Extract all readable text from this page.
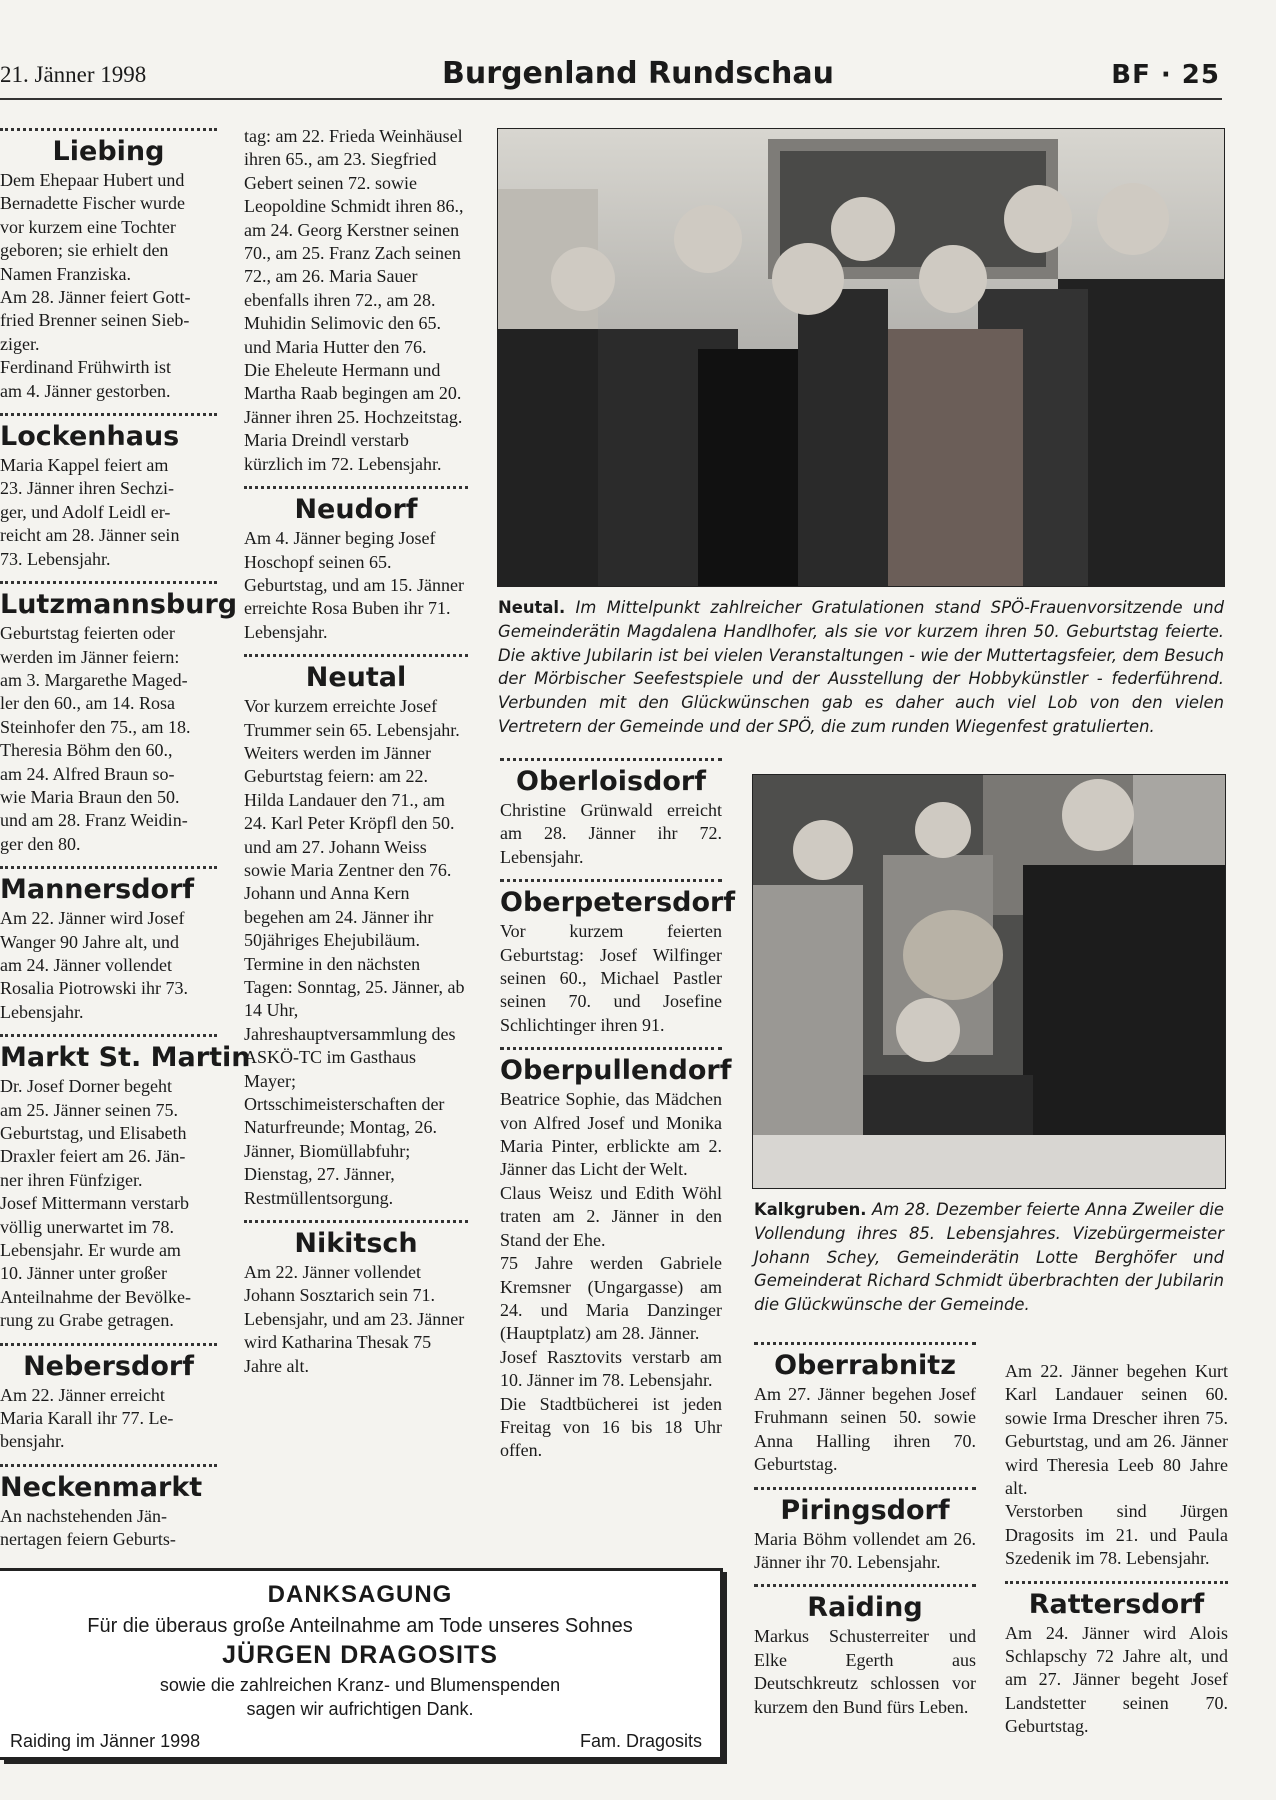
21. Jänner 1998	Burgenland Rundschau	BF · 25
Liebing

Dem Ehepaar Hubert und

Bernadette Fischer wurde

vor kurzem eine Tochter

geboren; sie erhielt den

Namen Franziska.

Am 28. Jänner feiert Gott-

fried Brenner seinen Sieb-

ziger.

Ferdinand Frühwirth ist

am 4. Jänner gestorben.

Lockenhaus

Maria Kappel feiert am

23. Jänner ihren Sechzi-

ger, und Adolf Leidl er-

reicht am 28. Jänner sein

73. Lebensjahr.

Lutzmannsburg

Geburtstag feierten oder

werden im Jänner feiern:

am 3. Margarethe Maged-

ler den 60., am 14. Rosa

Steinhofer den 75., am 18.

Theresia Böhm den 60.,

am 24. Alfred Braun so-

wie Maria Braun den 50.

und am 28. Franz Weidin-

ger den 80.

Mannersdorf

Am 22. Jänner wird Josef

Wanger 90 Jahre alt, und

am 24. Jänner vollendet

Rosalia Piotrowski ihr 73.

Lebensjahr.

Markt St. Martin

Dr. Josef Dorner begeht

am 25. Jänner seinen 75.

Geburtstag, und Elisabeth

Draxler feiert am 26. Jän-

ner ihren Fünfziger.

Josef Mittermann verstarb

völlig unerwartet im 78.

Lebensjahr. Er wurde am

10. Jänner unter großer

Anteilnahme der Bevölke-

rung zu Grabe getragen.

Nebersdorf

Am 22. Jänner erreicht

Maria Karall ihr 77. Le-

bensjahr.

Neckenmarkt

An nachstehenden Jän-

nertagen feiern Geburts-

tag: am 22. Frieda Weinhäusel ihren 65., am 23. Siegfried Gebert seinen 72. sowie Leopoldine Schmidt ihren 86., am 24. Georg Kerstner seinen 70., am 25. Franz Zach seinen 72., am 26. Maria Sauer ebenfalls ihren 72., am 28. Muhidin Selimovic den 65. und Maria Hutter den 76.

Die Eheleute Hermann und Martha Raab begingen am 20. Jänner ihren 25. Hochzeitstag.

Maria Dreindl verstarb kürzlich im 72. Lebensjahr.

Neudorf

Am 4. Jänner beging Josef Hoschopf seinen 65. Geburtstag, und am 15. Jänner erreichte Rosa Buben ihr 71. Lebensjahr.

Neutal

Vor kurzem erreichte Josef Trummer sein 65. Lebensjahr.

Weiters werden im Jänner Geburtstag feiern: am 22. Hilda Landauer den 71., am 24. Karl Peter Kröpfl den 50. und am 27. Johann Weiss sowie Maria Zentner den 76.

Johann und Anna Kern begehen am 24. Jänner ihr 50jähriges Ehejubiläum.

Termine in den nächsten Tagen: Sonntag, 25. Jänner, ab 14 Uhr, Jahreshauptversammlung des ASKÖ-TC im Gasthaus Mayer; Ortsschimeisterschaften der Naturfreunde; Montag, 26. Jänner, Biomüllabfuhr; Dienstag, 27. Jänner, Restmüllentsorgung.

Nikitsch

Am 22. Jänner vollendet Johann Sosztarich sein 71. Lebensjahr, und am 23. Jänner wird Katharina Thesak 75 Jahre alt.

Neutal. Im Mittelpunkt zahlreicher Gratulationen stand SPÖ-Frauenvorsitzende und Gemeinderätin Magdalena Handlhofer, als sie vor kurzem ihren 50. Geburtstag feierte. Die aktive Jubilarin ist bei vielen Veranstaltungen - wie der Muttertagsfeier, dem Besuch der Mörbischer Seefestspiele und der Ausstellung der Hobbykünstler - federführend. Verbunden mit den Glückwünschen gab es daher auch viel Lob von den vielen Vertretern der Gemeinde und der SPÖ, die zum runden Wiegenfest gratulierten.
Oberloisdorf

Christine Grünwald erreicht am 28. Jänner ihr 72. Lebensjahr.

Oberpetersdorf

Vor kurzem feierten Geburtstag: Josef Wilfinger seinen 60., Michael Pastler seinen 70. und Josefine Schlichtinger ihren 91.

Oberpullendorf

Beatrice Sophie, das Mädchen von Alfred Josef und Monika Maria Pinter, erblickte am 2. Jänner das Licht der Welt.

Claus Weisz und Edith Wöhl traten am 2. Jänner in den Stand der Ehe.

75 Jahre werden Gabriele Kremsner (Ungargasse) am 24. und Maria Danzinger (Hauptplatz) am 28. Jänner.

Josef Rasztovits verstarb am 10. Jänner im 78. Lebensjahr.

Die Stadtbücherei ist jeden Freitag von 16 bis 18 Uhr offen.

Kalkgruben. Am 28. Dezember feierte Anna Zweiler die Vollendung ihres 85. Lebensjahres. Vizebürgermeister Johann Schey, Gemeinderätin Lotte Berghöfer und Gemeinderat Richard Schmidt überbrachten der Jubilarin die Glückwünsche der Gemeinde.
Oberrabnitz

Am 27. Jänner begehen Josef Fruhmann seinen 50. sowie Anna Halling ihren 70. Geburtstag.

Piringsdorf

Maria Böhm vollendet am 26. Jänner ihr 70. Lebensjahr.

Raiding

Markus Schusterreiter und Elke Egerth aus Deutschkreutz schlossen vor kurzem den Bund fürs Leben.

Am 22. Jänner begehen Kurt Karl Landauer seinen 60. sowie Irma Drescher ihren 75. Geburtstag, und am 26. Jänner wird Theresia Leeb 80 Jahre alt.

Verstorben sind Jürgen Dragosits im 21. und Paula Szedenik im 78. Lebensjahr.

Rattersdorf

Am 24. Jänner wird Alois Schlapschy 72 Jahre alt, und am 27. Jänner begeht Josef Landstetter seinen 70. Geburtstag.

DANKSAGUNG
Für die überaus große Anteilnahme am Tode unseres Sohnes
JÜRGEN DRAGOSITS
sowie die zahlreichen Kranz- und Blumenspenden
sagen wir aufrichtigen Dank.
Raiding im Jänner 1998	Fam. Dragosits
